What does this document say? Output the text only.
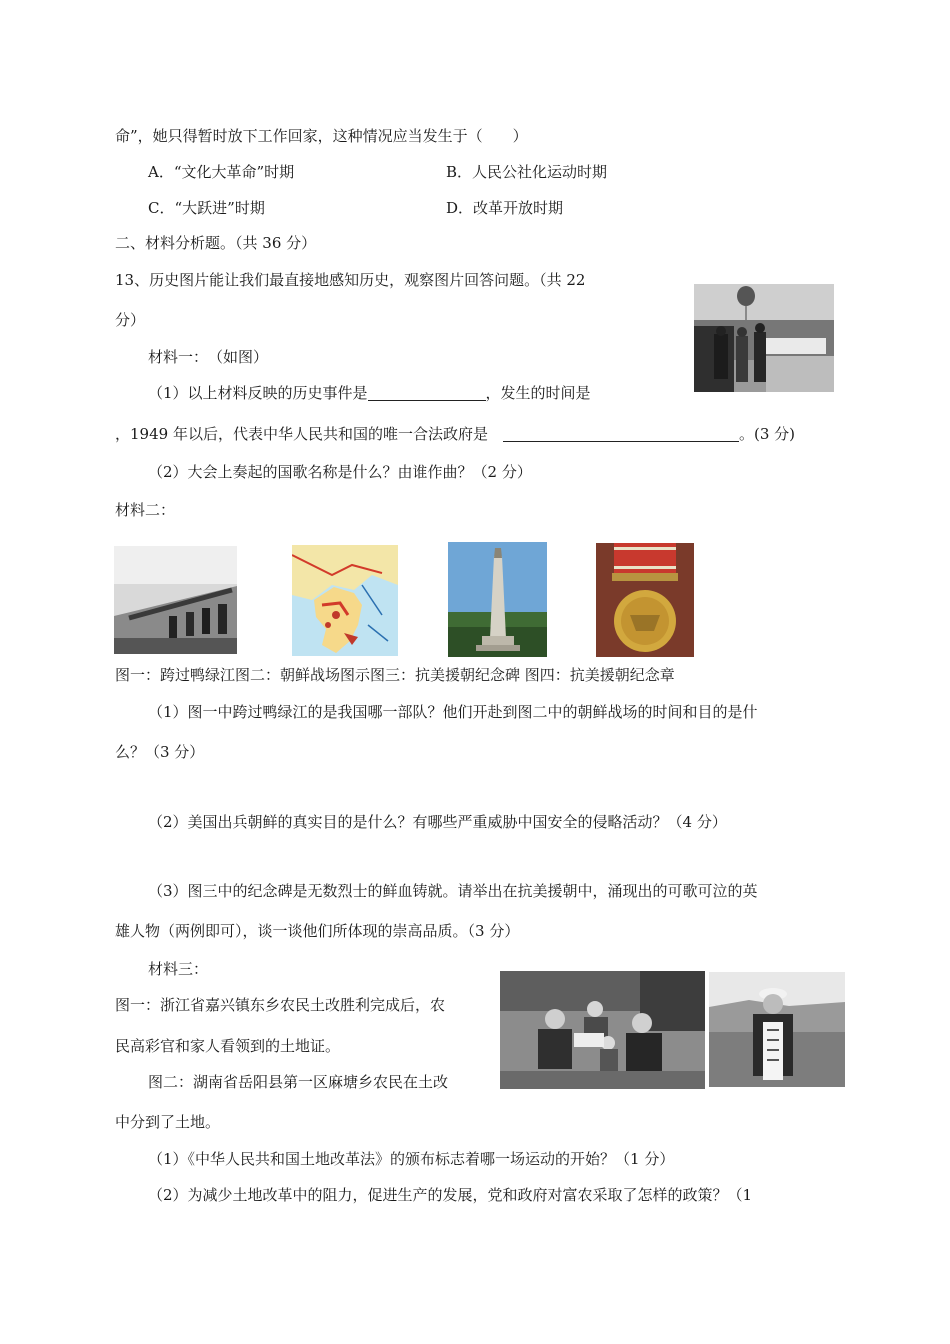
命”，她只得暂时放下工作回家，这种情况应当发生于（　　）
A．“文化大革命”时期	B．人民公社化运动时期
C．“大跃进”时期	D．改革开放时期
二、材料分析题。（共 36 分）
13、历史图片能让我们最直接地感知历史，观察图片回答问题。（共 22
分）
材料一：　（如图）
（1）以上材料反映的历史事件是	，发生的时间是
，1949 年以后，代表中华人民共和国的唯一合法政府是　	。(3 分)
（2）大会上奏起的国歌名称是什么？由谁作曲？（2 分）
材料二：
图一：跨过鸭绿江图二：朝鲜战场图示图三：抗美援朝纪念碑 图四：抗美援朝纪念章
（1）图一中跨过鸭绿江的是我国哪一部队？他们开赴到图二中的朝鲜战场的时间和目的是什
么？（3 分）
（2）美国出兵朝鲜的真实目的是什么？有哪些严重威胁中国安全的侵略活动？（4 分）
（3）图三中的纪念碑是无数烈士的鲜血铸就。请举出在抗美援朝中，涌现出的可歌可泣的英
雄人物（两例即可），谈一谈他们所体现的崇高品质。（3 分）
材料三：
图一：浙江省嘉兴镇东乡农民土改胜利完成后，农
民高彩官和家人看领到的土地证。
图二：湖南省岳阳县第一区麻塘乡农民在土改
中分到了土地。
（1）《中华人民共和国土地改革法》的颁布标志着哪一场运动的开始？（1 分）
（2）为减少土地改革中的阻力，促进生产的发展，党和政府对富农采取了怎样的政策？（1
